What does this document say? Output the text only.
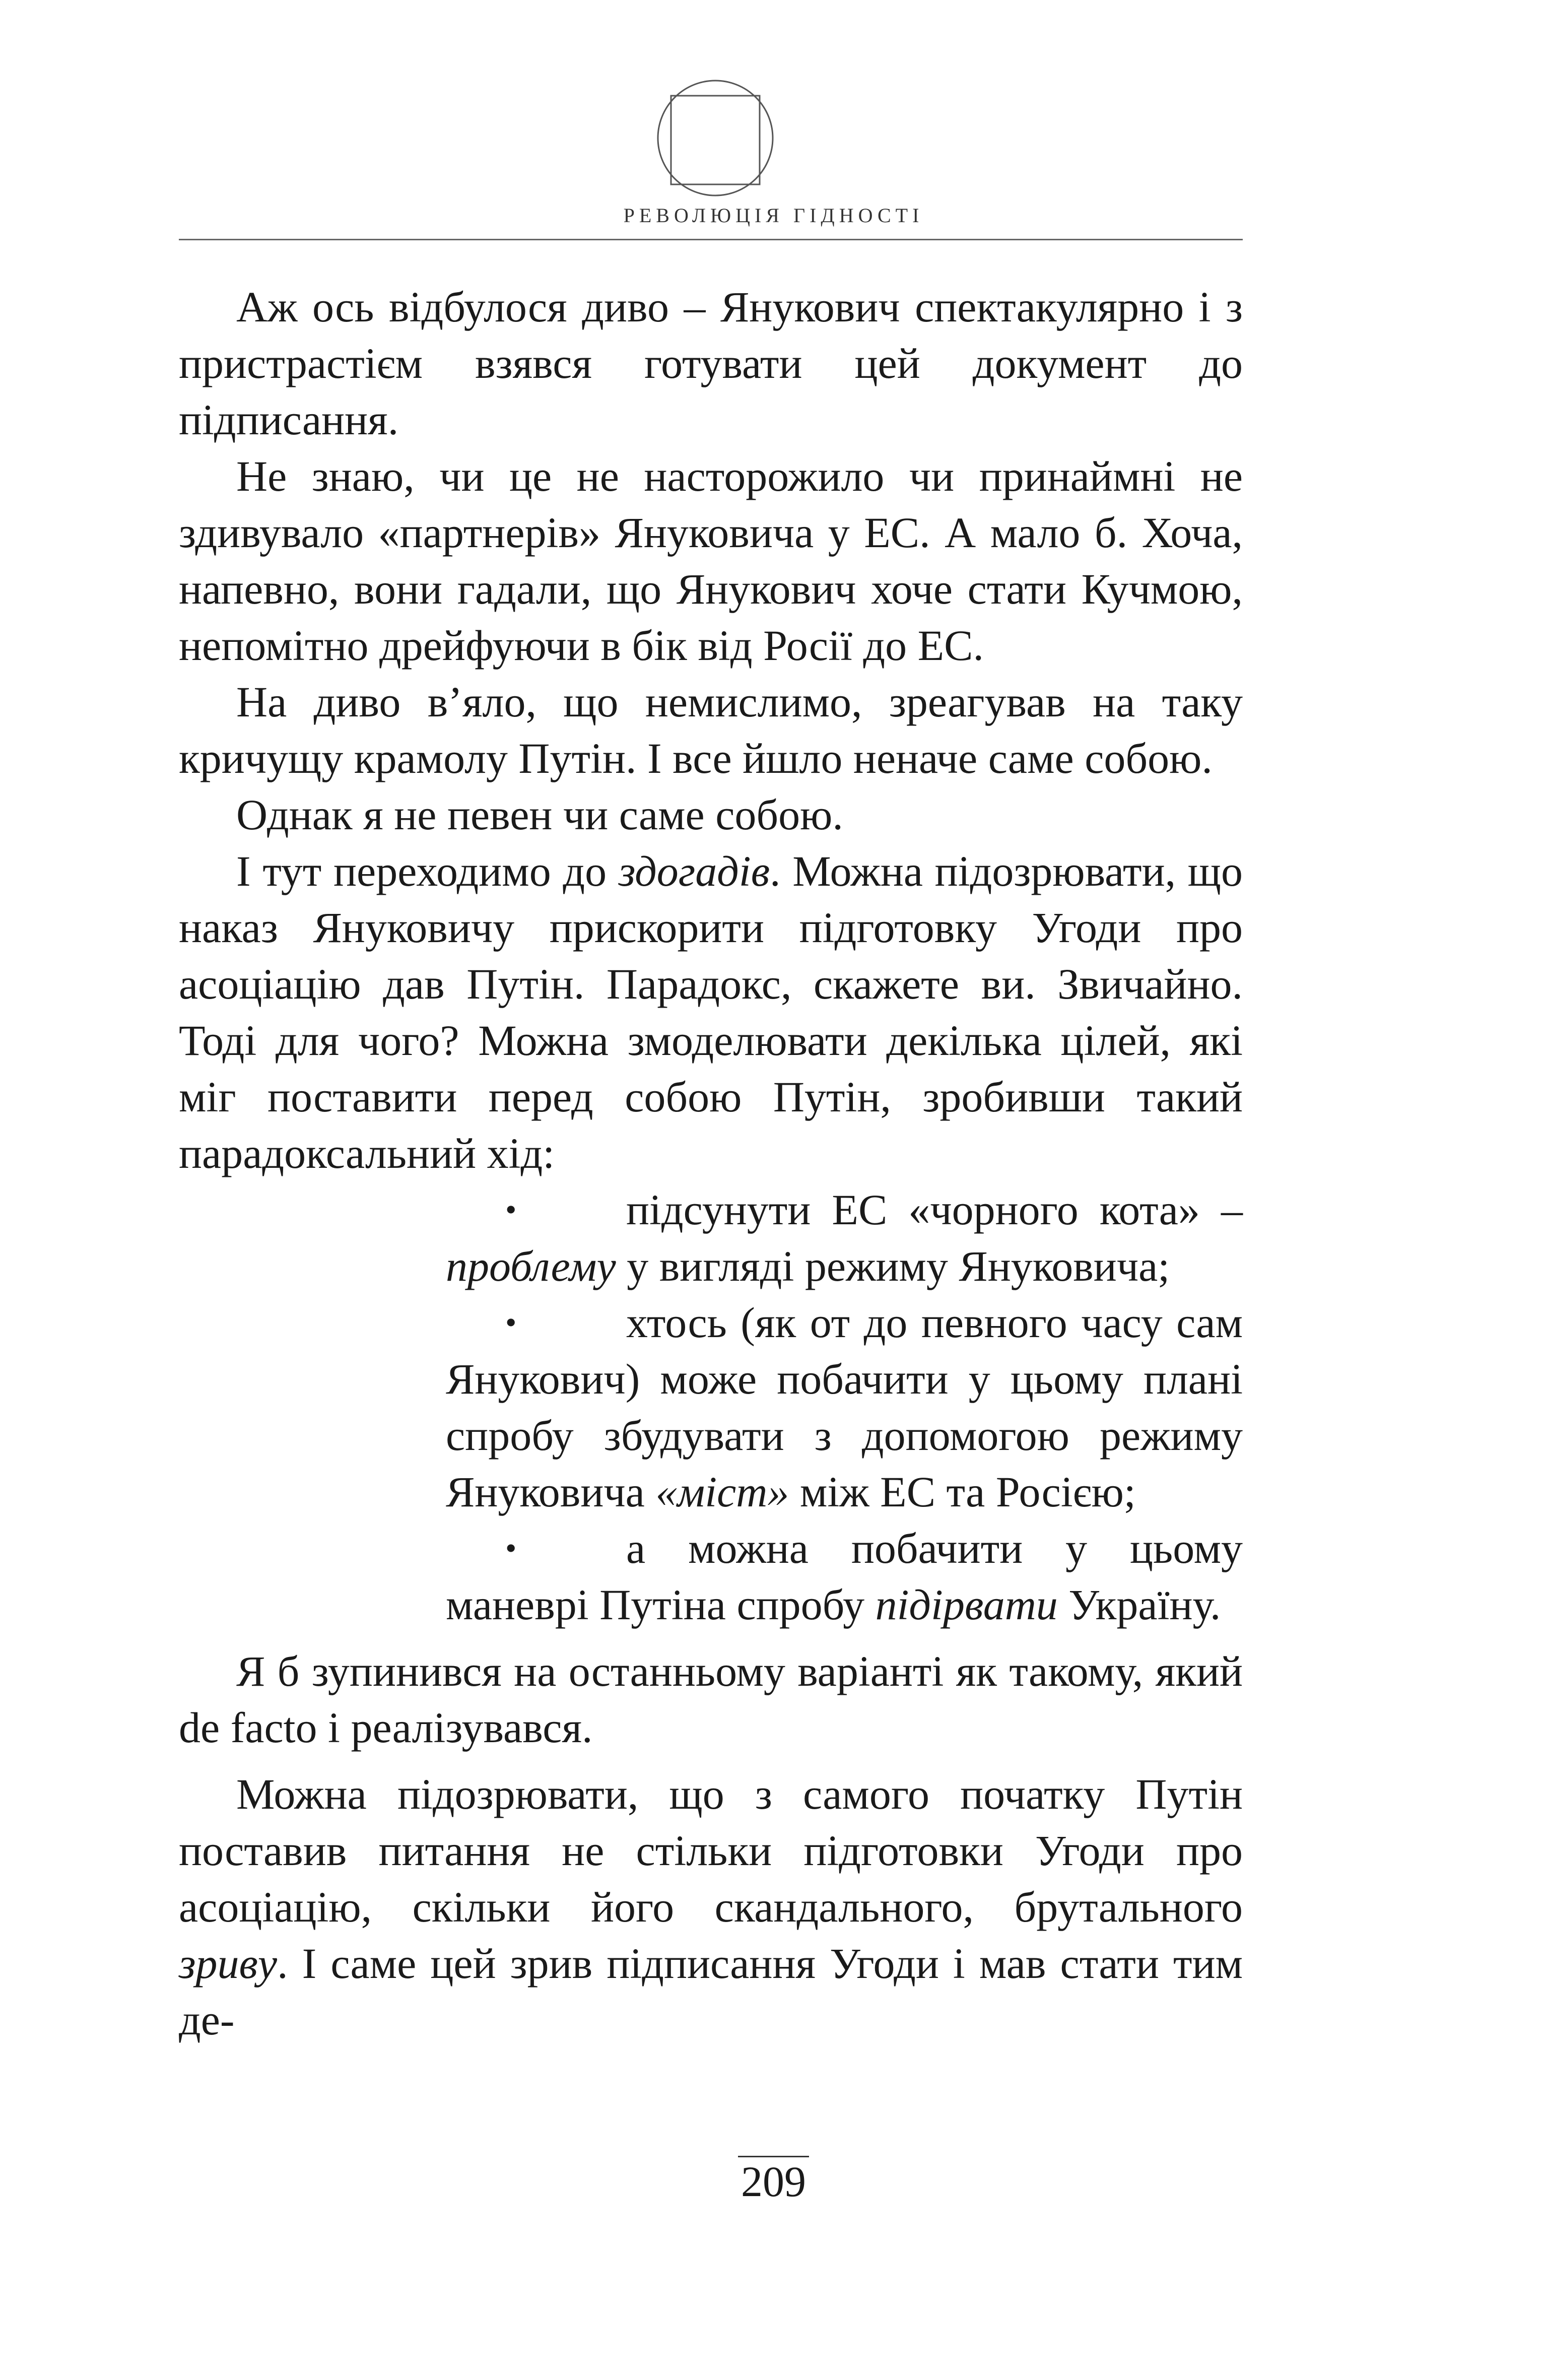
РЕВОЛЮЦІЯ ГІДНОСТІ

Аж ось відбулося диво – Янукович спектакулярно і з пристрастієм взявся готувати цей документ до підписання.

Не знаю, чи це не насторожило чи принаймні не здивувало «партнерів» Януковича у ЕС. А мало б. Хоча, напевно, вони гадали, що Янукович хоче стати Кучмою, непомітно дрейфуючи в бік від Росії до ЕС.

На диво в’яло, що немислимо, зреагував на таку кричущу крамолу Путін. І все йшло неначе саме собою.

Однак я не певен чи саме собою.

І тут переходимо до здогадів. Можна підозрювати, що наказ Януковичу прискорити підготовку Угоди про асоціацію дав Путін. Парадокс, скажете ви. Звичайно. Тоді для чого? Можна змоделювати декілька цілей, які міг поставити перед собою Путін, зробивши такий парадоксальний хід:

•	підсунути ЕС «чорного кота» – проблему у вигляді режиму Януковича;
•	хтось (як от до певного часу сам Янукович) може побачити у цьому плані спробу збудувати з допомогою режиму Януковича «міст» між ЕС та Росією;
•	а можна побачити у цьому маневрі Путіна спробу підірвати Україну.

Я б зупинився на останньому варіанті як такому, який de facto і реалізувався.

Можна підозрювати, що з самого початку Путін поставив питання не стільки підготовки Угоди про асоціацію, скільки його скандального, брутального зриву. І саме цей зрив підписання Угоди і мав стати тим де-

209
